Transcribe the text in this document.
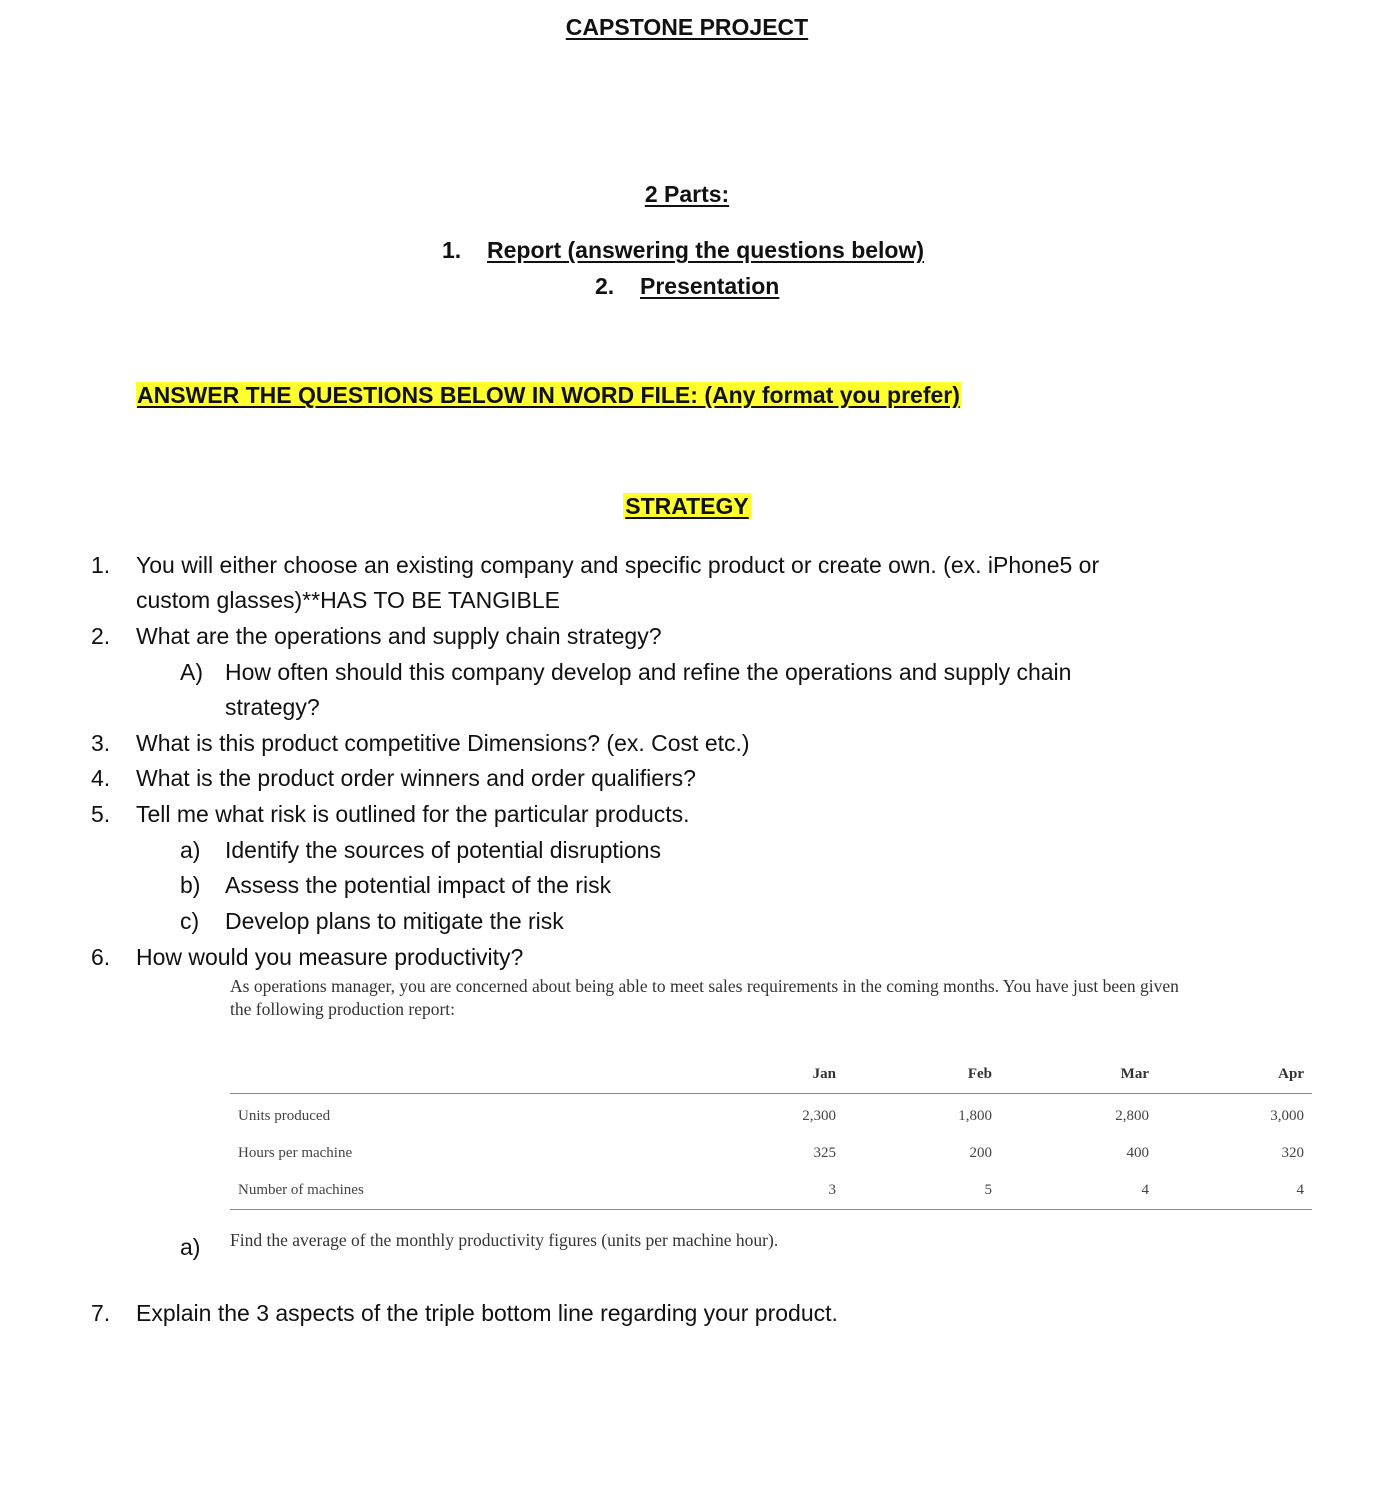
CAPSTONE PROJECT
2 Parts:
1. Report (answering the questions below)
2. Presentation
ANSWER THE QUESTIONS BELOW IN WORD FILE: (Any format you prefer)
STRATEGY
1. You will either choose an existing company and specific product or create own. (ex. iPhone5 or
custom glasses)**HAS TO BE TANGIBLE
2. What are the operations and supply chain strategy?
A) How often should this company develop and refine the operations and supply chain
strategy?
3. What is this product competitive Dimensions? (ex. Cost etc.)
4. What is the product order winners and order qualifiers?
5. Tell me what risk is outlined for the particular products.
a) Identify the sources of potential disruptions
b) Assess the potential impact of the risk
c) Develop plans to mitigate the risk
6. How would you measure productivity?
As operations manager, you are concerned about being able to meet sales requirements in the coming months. You have just been given
the following production report:
	Jan	Feb	Mar	Apr
Units produced	2,300	1,800	2,800	3,000
Hours per machine	325	200	400	320
Number of machines	3	5	4	4
a) Find the average of the monthly productivity figures (units per machine hour).
7. Explain the 3 aspects of the triple bottom line regarding your product.
